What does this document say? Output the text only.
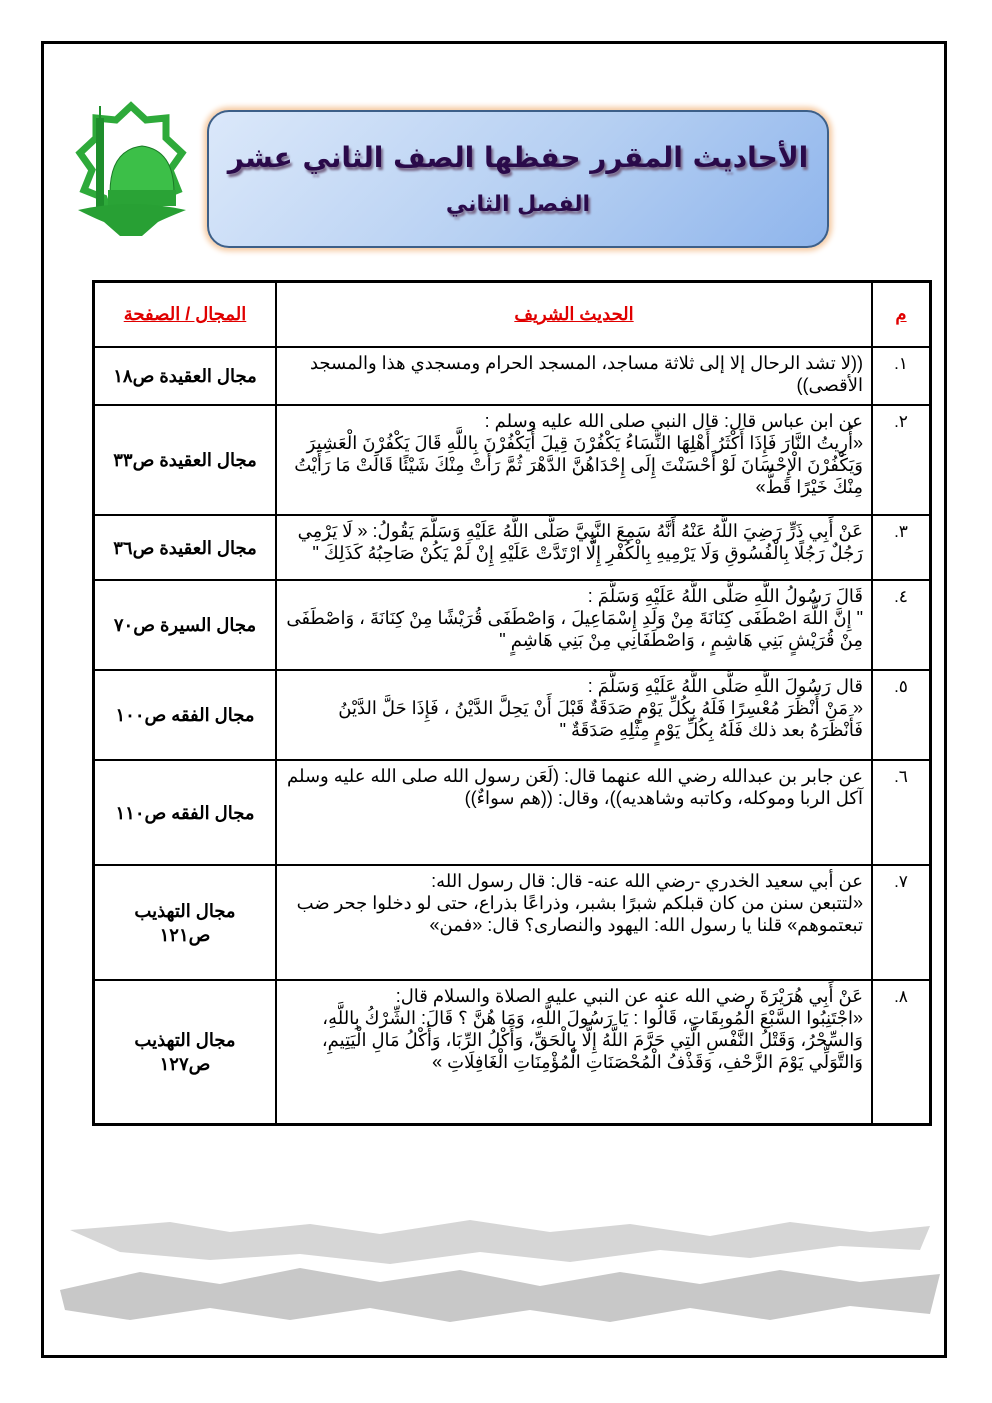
الأحاديث المقرر حفظها الصف الثاني عشر
الفصل الثاني
م	الحديث الشريف	المجال / الصفحة
١.	((لا تشد الرحال إلا إلى ثلاثة مساجد، المسجد الحرام ومسجدي هذا والمسجد الأقصى))	مجال العقيدة ص١٨
٢.	عن ابن عباس قال: قال النبي صلى الله عليه وسلم :
«أُرِيتُ النَّارَ فَإِذَا أَكْثَرُ أَهْلِهَا النِّسَاءُ يَكْفُرْنَ قِيلَ أَيَكْفُرْنَ بِاللَّهِ قَالَ يَكْفُرْنَ الْعَشِيرَ وَيَكْفُرْنَ الْإِحْسَانَ لَوْ أَحْسَنْتَ إِلَى إِحْدَاهُنَّ الدَّهْرَ ثُمَّ رَأَتْ مِنْكَ شَيْئًا قَالَتْ مَا رَأَيْتُ مِنْكَ خَيْرًا قَطُّ»	مجال العقيدة ص٣٣
٣.	عَنْ أَبِي ذَرٍّ رَضِيَ اللَّهُ عَنْهُ أَنَّهُ سَمِعَ النَّبِيَّ صَلَّى اللَّهُ عَلَيْهِ وَسَلَّمَ يَقُولُ: « لَا يَرْمِي رَجُلٌ رَجُلًا بِالْفُسُوقِ وَلَا يَرْمِيهِ بِالْكُفْرِ إِلَّا ارْتَدَّتْ عَلَيْهِ إِنْ لَمْ يَكُنْ صَاحِبُهُ كَذَلِكَ "	مجال العقيدة ص٣٦
٤.	قَالَ رَسُولُ اللَّهِ صَلَّى اللَّهُ عَلَيْهِ وَسَلَّمَ :
" إِنَّ اللَّهَ اصْطَفَى كِنَانَةَ مِنْ وَلَدِ إِسْمَاعِيلَ ، وَاصْطَفَى قُرَيْشًا مِنْ كِنَانَةَ ، وَاصْطَفَى مِنْ قُرَيْشٍ بَنِي هَاشِمٍ ، وَاصْطَفَانِي مِنْ بَنِي هَاشِمٍ "	مجال السيرة ص٧٠
٥.	قال رَسُولَ اللَّهِ صَلَّى اللَّهُ عَلَيْهِ وَسَلَّمَ :
« مَنْ أَنْظَرَ مُعْسِرًا فَلَهُ بِكُلِّ يَوْمٍ صَدَقَةٌ قَبْلَ أَنْ يَحِلَّ الدَّيْنُ ، فَإِذَا حَلَّ الدَّيْنُ فَأَنْظَرَهُ بعد ذلك فَلَهُ بِكُلِّ يَوْمٍ مِثْلِهِ صَدَقَةٌ "	مجال الفقه ص١٠٠
٦.	عن جابر بن عبدالله رضي الله عنهما قال: (لَعَن رسول الله صلى الله عليه وسلم آكل الربا وموكله، وكاتبه وشاهديه))، وقال: ((هم سواءٌ))	مجال الفقه ص١١٠
٧.	عن أبي سعيد الخدري -رضي الله عنه- قال: قال رسول الله:
«لتتبعن سنن من كان قبلكم شبرًا بشبر، وذراعًا بذراع، حتى لو دخلوا جحر ضب تبعتموهم» قلنا يا رسول الله: اليهود والنصارى؟ قال: «فمن»	مجال التهذيب
ص١٢١
٨.	عَنْ أَبِي هُرَيْرَةَ رضي الله عنه عن النبي عليه الصلاة والسلام قال:
«اجْتَنِبُوا السَّبْعَ الْمُوبِقَاتِ، قَالُوا : يَا رَسُولَ اللَّهِ، وَمَا هُنَّ ؟ قَالَ: الشِّرْكُ بِاللَّهِ، وَالسِّحْرُ، وَقَتْلُ النَّفْسِ الَّتِي حَرَّمَ اللَّهُ إِلَّا بِالْحَقِّ، وَأَكْلُ الرِّبَا، وَأَكْلُ مَالِ الْيَتِيمِ، وَالتَّوَلِّي يَوْمَ الزَّحْفِ، وَقَذْفُ الْمُحْصَنَاتِ الْمُؤْمِنَاتِ الْغَافِلَاتِ »	مجال التهذيب
ص١٢٧
